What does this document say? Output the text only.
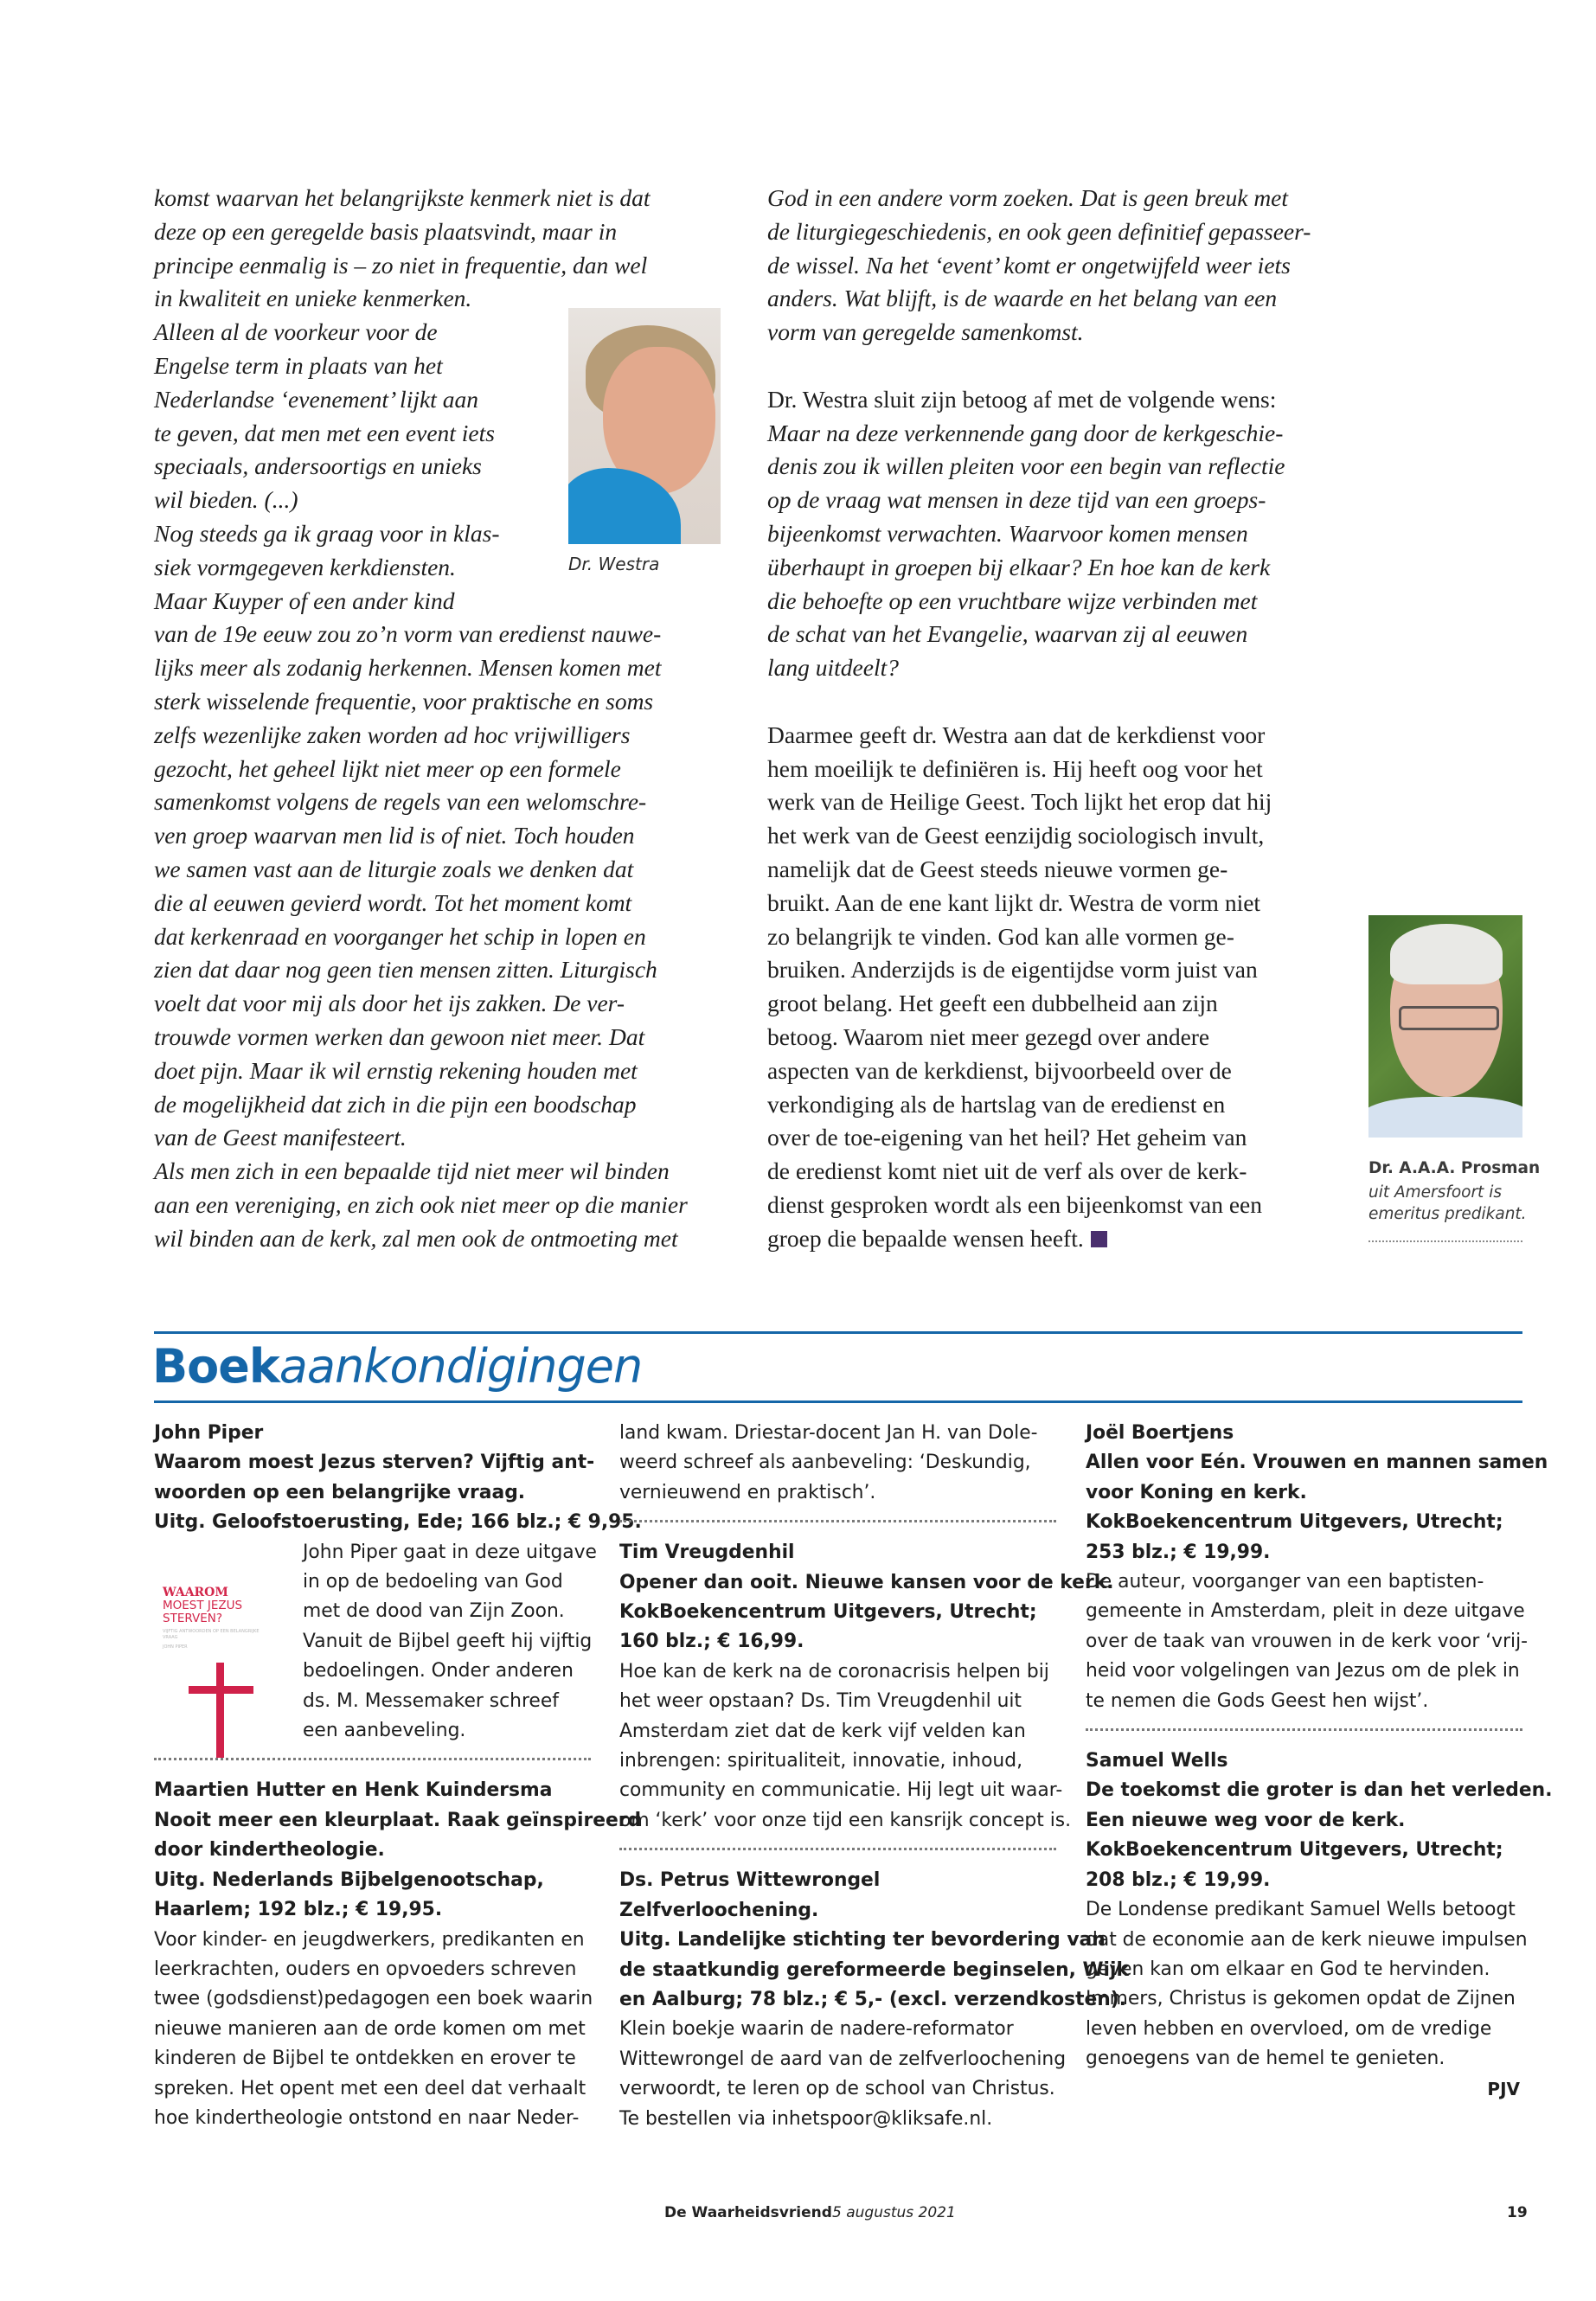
komst waarvan het belangrijkste kenmerk niet is dat
deze op een geregelde basis plaatsvindt, maar in
principe eenmalig is – zo niet in frequentie, dan wel
in kwaliteit en unieke kenmerken.
Alleen al de voorkeur voor de
Engelse term in plaats van het
Nederlandse ‘evenement’ lijkt aan
te geven, dat men met een event iets
speciaals, andersoortigs en unieks
wil bieden. (...)
Nog steeds ga ik graag voor in klas-
siek vormgegeven kerkdiensten.
Maar Kuyper of een ander kind
van de 19e eeuw zou zo’n vorm van eredienst nauwe-
lijks meer als zodanig herkennen. Mensen komen met
sterk wisselende frequentie, voor praktische en soms
zelfs wezenlijke zaken worden ad hoc vrijwilligers
gezocht, het geheel lijkt niet meer op een formele
samenkomst volgens de regels van een welomschre-
ven groep waarvan men lid is of niet. Toch houden
we samen vast aan de liturgie zoals we denken dat
die al eeuwen gevierd wordt. Tot het moment komt
dat kerkenraad en voorganger het schip in lopen en
zien dat daar nog geen tien mensen zitten. Liturgisch
voelt dat voor mij als door het ijs zakken. De ver-
trouwde vormen werken dan gewoon niet meer. Dat
doet pijn. Maar ik wil ernstig rekening houden met
de mogelijkheid dat zich in die pijn een boodschap
van de Geest manifesteert.
Als men zich in een bepaalde tijd niet meer wil binden
aan een vereniging, en zich ook niet meer op die manier
wil binden aan de kerk, zal men ook de ontmoeting met
Dr. Westra
God in een andere vorm zoeken. Dat is geen breuk met
de liturgiegeschiedenis, en ook geen definitief gepasseer-
de wissel. Na het ‘event’ komt er ongetwijfeld weer iets
anders. Wat blijft, is de waarde en het belang van een
vorm van geregelde samenkomst.
Dr. Westra sluit zijn betoog af met de volgende wens:
Maar na deze verkennende gang door de kerkgeschie-
denis zou ik willen pleiten voor een begin van reflectie
op de vraag wat mensen in deze tijd van een groeps-
bijeenkomst verwachten. Waarvoor komen mensen
überhaupt in groepen bij elkaar? En hoe kan de kerk
die behoefte op een vruchtbare wijze verbinden met
de schat van het Evangelie, waarvan zij al eeuwen
lang uitdeelt?
Daarmee geeft dr. Westra aan dat de kerkdienst voor
hem moeilijk te definiëren is. Hij heeft oog voor het
werk van de Heilige Geest. Toch lijkt het erop dat hij
het werk van de Geest eenzijdig sociologisch invult,
namelijk dat de Geest steeds nieuwe vormen ge-
bruikt. Aan de ene kant lijkt dr. Westra de vorm niet
zo belangrijk te vinden. God kan alle vormen ge-
bruiken. Anderzijds is de eigentijdse vorm juist van
groot belang. Het geeft een dubbelheid aan zijn
betoog. Waarom niet meer gezegd over andere
aspecten van de kerkdienst, bijvoorbeeld over de
verkondiging als de hartslag van de eredienst en
over de toe-eigening van het heil? Het geheim van
de eredienst komt niet uit de verf als over de kerk-
dienst gesproken wordt als een bijeenkomst van een
groep die bepaalde wensen heeft.
Dr. A.A.A. Prosman
uit Amersfoort is
emeritus predikant.
Boekaankondigingen
John Piper
Waarom moest Jezus sterven? Vijftig ant-
woorden op een belangrijke vraag.
Uitg. Geloofstoerusting, Ede; 166 blz.; € 9,95.
WAAROM
MOEST JEZUS
STERVEN?
VIJFTIG ANTWOORDEN OP EEN BELANGRIJKE VRAAG
JOHN PIPER
John Piper gaat in deze uitgave
in op de bedoeling van God
met de dood van Zijn Zoon.
Vanuit de Bijbel geeft hij vijftig
bedoelingen. Onder anderen
ds. M. Messemaker schreef
een aanbeveling.
Maartien Hutter en Henk Kuindersma
Nooit meer een kleurplaat. Raak geïnspireerd
door kindertheologie.
Uitg. Nederlands Bijbelgenootschap,
Haarlem; 192 blz.; € 19,95.
Voor kinder- en jeugdwerkers, predikanten en
leerkrachten, ouders en opvoeders schreven
twee (godsdienst)pedagogen een boek waarin
nieuwe manieren aan de orde komen om met
kinderen de Bijbel te ontdekken en erover te
spreken. Het opent met een deel dat verhaalt
hoe kindertheologie ontstond en naar Neder-
land kwam. Driestar-docent Jan H. van Dole-
weerd schreef als aanbeveling: ‘Deskundig,
vernieuwend en praktisch’.
Tim Vreugdenhil
Opener dan ooit. Nieuwe kansen voor de kerk.
KokBoekencentrum Uitgevers, Utrecht;
160 blz.; € 16,99.
Hoe kan de kerk na de coronacrisis helpen bij
het weer opstaan? Ds. Tim Vreugdenhil uit
Amsterdam ziet dat de kerk vijf velden kan
inbrengen: spiritualiteit, innovatie, inhoud,
community en communicatie. Hij legt uit waar-
om ‘kerk’ voor onze tijd een kansrijk concept is.
Ds. Petrus Wittewrongel
Zelfverloochening.
Uitg. Landelijke stichting ter bevordering van
de staatkundig gereformeerde beginselen, Wijk
en Aalburg; 78 blz.; € 5,- (excl. verzendkosten).
Klein boekje waarin de nadere-reformator
Wittewrongel de aard van de zelfverloochening
verwoordt, te leren op de school van Christus.
Te bestellen via inhetspoor@kliksafe.nl.
Joël Boertjens
Allen voor Eén. Vrouwen en mannen samen
voor Koning en kerk.
KokBoekencentrum Uitgevers, Utrecht;
253 blz.; € 19,99.
De auteur, voorganger van een baptisten-
gemeente in Amsterdam, pleit in deze uitgave
over de taak van vrouwen in de kerk voor ‘vrij-
heid voor volgelingen van Jezus om de plek in
te nemen die Gods Geest hen wijst’.
Samuel Wells
De toekomst die groter is dan het verleden.
Een nieuwe weg voor de kerk.
KokBoekencentrum Uitgevers, Utrecht;
208 blz.; € 19,99.
De Londense predikant Samuel Wells betoogt
dat de economie aan de kerk nieuwe impulsen
geven kan om elkaar en God te hervinden.
Immers, Christus is gekomen opdat de Zijnen
leven hebben en overvloed, om de vredige
genoegens van de hemel te genieten.
PJV
De Waarheidsvriend 5 augustus 2021	19
